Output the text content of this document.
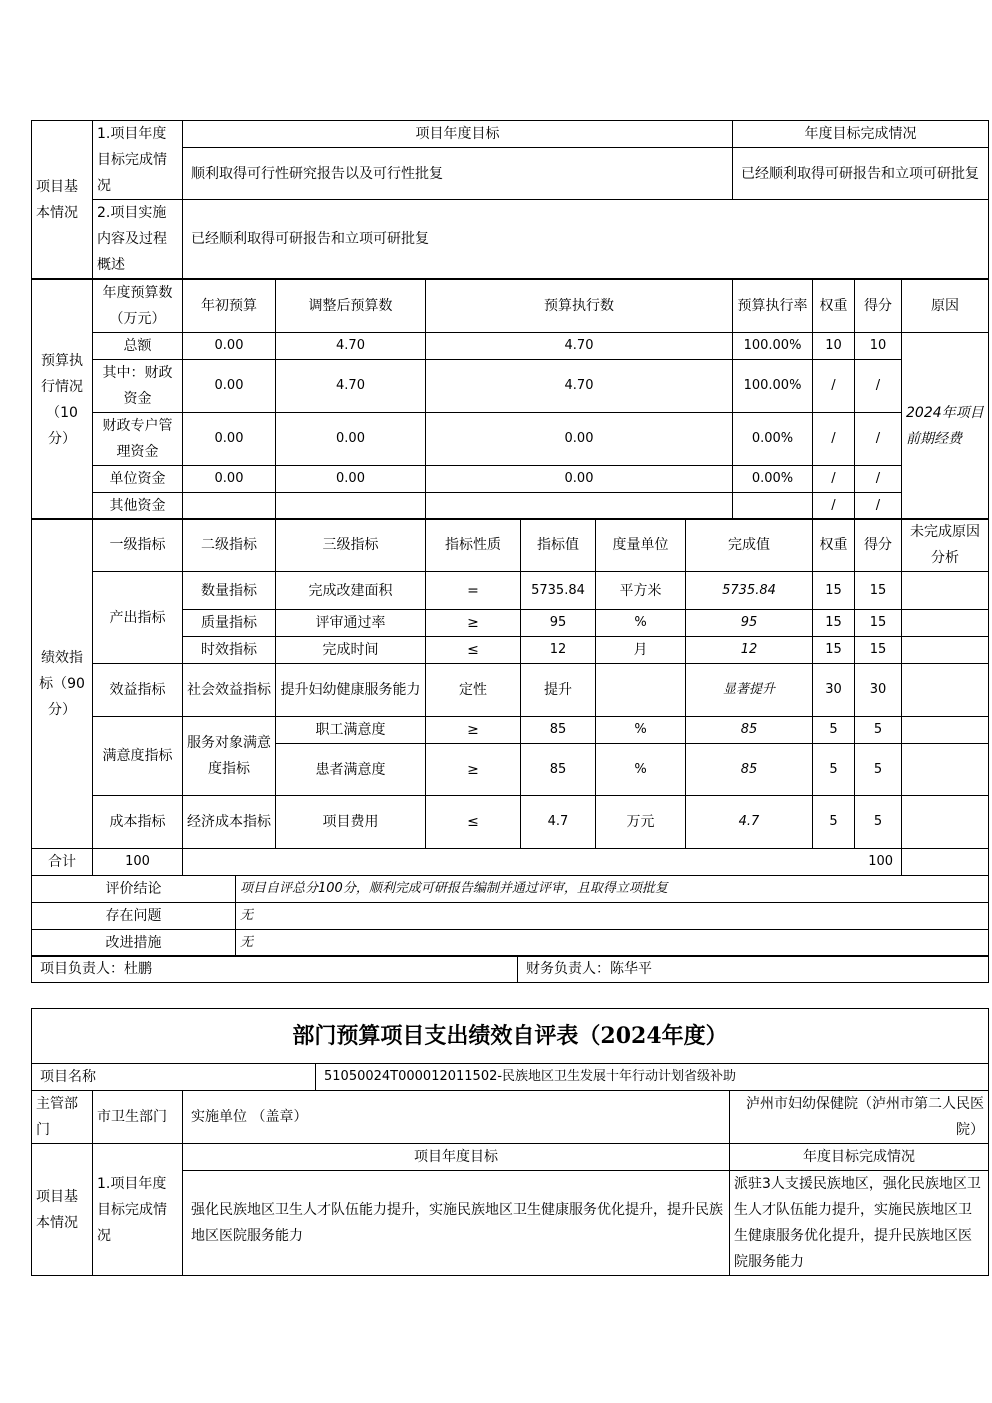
项目基本情况	1.项目年度目标完成情况	项目年度目标	年度目标完成情况
		顺利取得可行性研究报告以及可行性批复	已经顺利取得可研报告和立项可研批复
	2.项目实施内容及过程概述	已经顺利取得可研报告和立项可研批复	
预算执行情况（10分）	年度预算数（万元）	年初预算	调整后预算数	预算执行数	预算执行率	权重	得分	原因
	总额	0.00	4.70	4.70	100.00%	10	10	2024年项目前期经费
	其中：财政资金	0.00	4.70	4.70	100.00%	/	/	
	财政专户管理资金	0.00	0.00	0.00	0.00%	/	/	
	单位资金	0.00	0.00	0.00	0.00%	/	/	
	其他资金					/	/	
绩效指标（90分）	一级指标	二级指标	三级指标	指标性质	指标值	度量单位	完成值	权重	得分	未完成原因分析
	产出指标	数量指标	完成改建面积	=	5735.84	平方米	5735.84	15	15	
		质量指标	评审通过率	≥	95	%	95	15	15	
		时效指标	完成时间	≤	12	月	12	15	15	
	效益指标	社会效益指标	提升妇幼健康服务能力	定性	提升		显著提升	30	30	
	满意度指标	服务对象满意度指标	职工满意度	≥	85	%	85	5	5	
			患者满意度	≥	85	%	85	5	5	
	成本指标	经济成本指标	项目费用	≤	4.7	万元	4.7	5	5	
合计	100	100		
评价结论			项目自评总分100分，顺利完成可研报告编制并通过评审，且取得立项批复	
存在问题			无	
改进措施			无	
项目负责人：杜鹏	财务负责人：陈华平
部门预算项目支出绩效自评表（2024年度）				
项目名称			51050024T000012011502-民族地区卫生发展十年行动计划省级补助	
主管部门	市卫生部门	实施单位 （盖章）		泸州市妇幼保健院（泸州市第二人民医院）
项目基本情况	1.项目年度目标完成情况	项目年度目标		年度目标完成情况
		强化民族地区卫生人才队伍能力提升，实施民族地区卫生健康服务优化提升，提升民族地区医院服务能力		派驻3人支援民族地区，强化民族地区卫生人才队伍能力提升，实施民族地区卫生健康服务优化提升，提升民族地区医院服务能力
